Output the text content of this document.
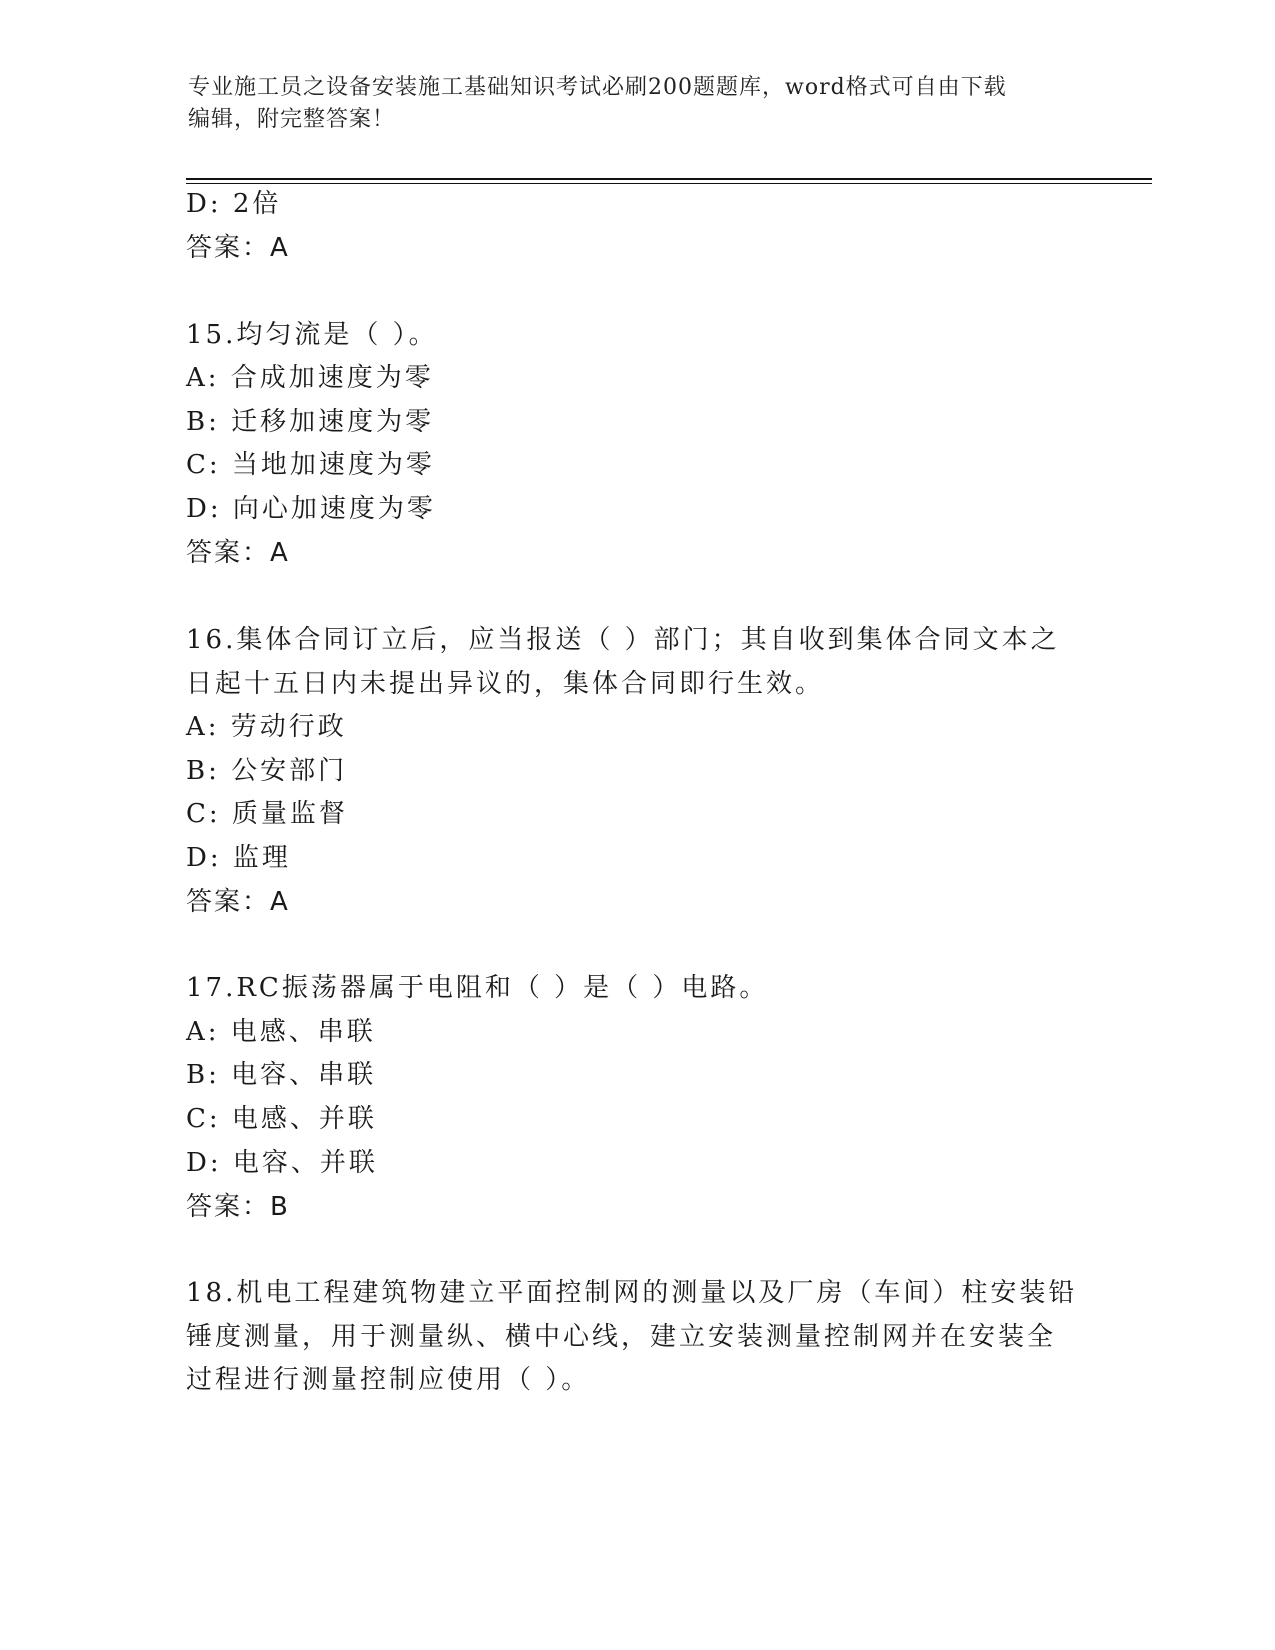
专业施工员之设备安装施工基础知识考试必刷200题题库，word格式可自由下载
编辑，附完整答案！
D: 2倍
答案：A
15.均匀流是（ ）。
A: 合成加速度为零
B: 迁移加速度为零
C: 当地加速度为零
D: 向心加速度为零
答案：A
16.集体合同订立后，应当报送（ ）部门；其自收到集体合同文本之
日起十五日内未提出异议的，集体合同即行生效。
A: 劳动行政
B: 公安部门
C: 质量监督
D: 监理
答案：A
17.RC振荡器属于电阻和（ ）是（ ）电路。
A: 电感、串联
B: 电容、串联
C: 电感、并联
D: 电容、并联
答案：B
18.机电工程建筑物建立平面控制网的测量以及厂房（车间）柱安装铅
锤度测量，用于测量纵、横中心线，建立安装测量控制网并在安装全
过程进行测量控制应使用（ ）。
